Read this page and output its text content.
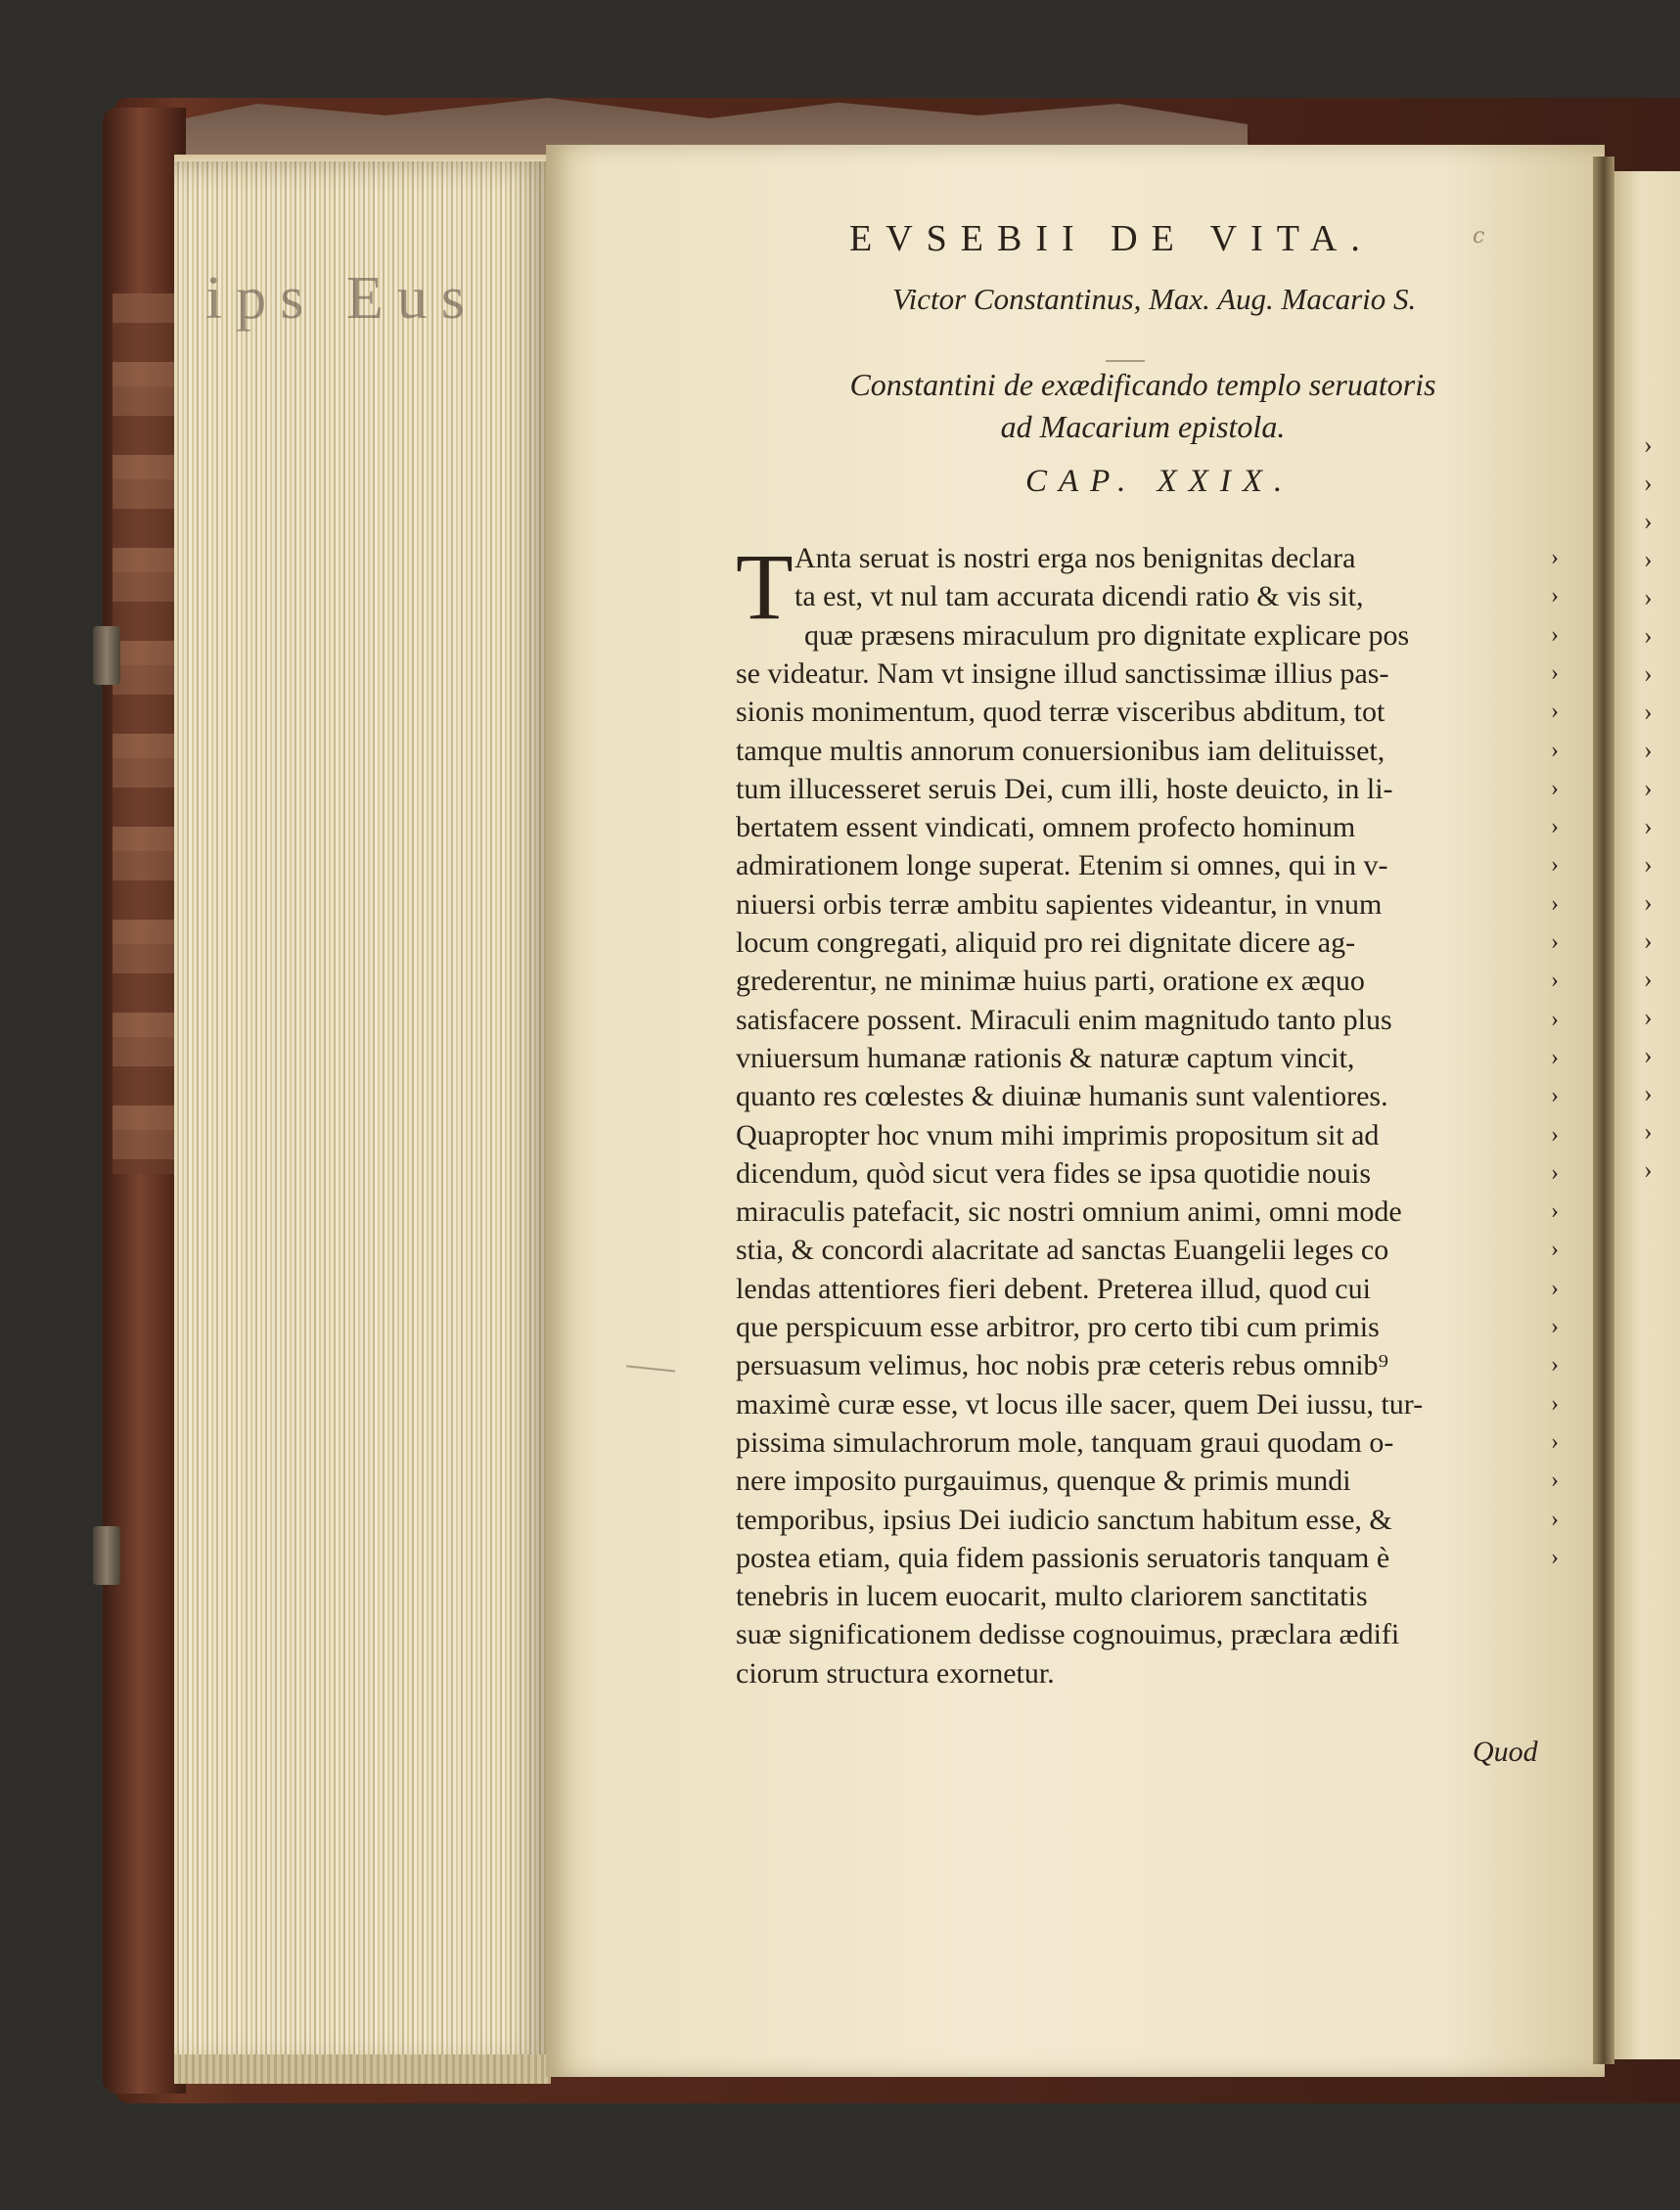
ips Eus
›
›
›
›
›
›
›
›
›
›
›
›
›
›
›
›
›
›
›
›
EVSEBII DE VITA.	ⅽ
Victor Constantinus, Max. Aug. Macario S.
Constantini de exædificando templo seruatoris
ad Macarium epistola.
CAP. XXIX.
T Anta seruat is nostri erga nos benignitas declara
ta est, vt nul tam accurata dicendi ratio & vis sit,
quæ præsens miraculum pro dignitate explicare pos
se videatur. Nam vt insigne illud sanctissimæ illius pas-
sionis monimentum, quod terræ visceribus abditum, tot
tamque multis annorum conuersionibus iam delituisset,
tum illucesseret seruis Dei, cum illi, hoste deuicto, in li-
bertatem essent vindicati, omnem profecto hominum
admirationem longe superat. Etenim si omnes, qui in v-
niuersi orbis terræ ambitu sapientes videantur, in vnum
locum congregati, aliquid pro rei dignitate dicere ag-
grederentur, ne minimæ huius parti, oratione ex æquo
satisfacere possent. Miraculi enim magnitudo tanto plus
vniuersum humanæ rationis & naturæ captum vincit,
quanto res cœlestes & diuinæ humanis sunt valentiores.
Quapropter hoc vnum mihi imprimis propositum sit ad
dicendum, quòd sicut vera fides se ipsa quotidie nouis
miraculis patefacit, sic nostri omnium animi, omni mode
stia, & concordi alacritate ad sanctas Euangelii leges co
lendas attentiores fieri debent. Preterea illud, quod cui
que perspicuum esse arbitror, pro certo tibi cum primis
persuasum velimus, hoc nobis præ ceteris rebus omnib⁹
maximè curæ esse, vt locus ille sacer, quem Dei iussu, tur-
pissima simulachrorum mole, tanquam graui quodam o-
nere imposito purgauimus, quenque & primis mundi
temporibus, ipsius Dei iudicio sanctum habitum esse, &
postea etiam, quia fidem passionis seruatoris tanquam è
tenebris in lucem euocarit, multo clariorem sanctitatis
suæ significationem dedisse cognouimus, præclara ædifi
ciorum structura exornetur.
›
›
›
›
›
›
›
›
›
›
›
›
›
›
›
›
›
›
›
›
›
›
›
›
›
›
›
Quod
